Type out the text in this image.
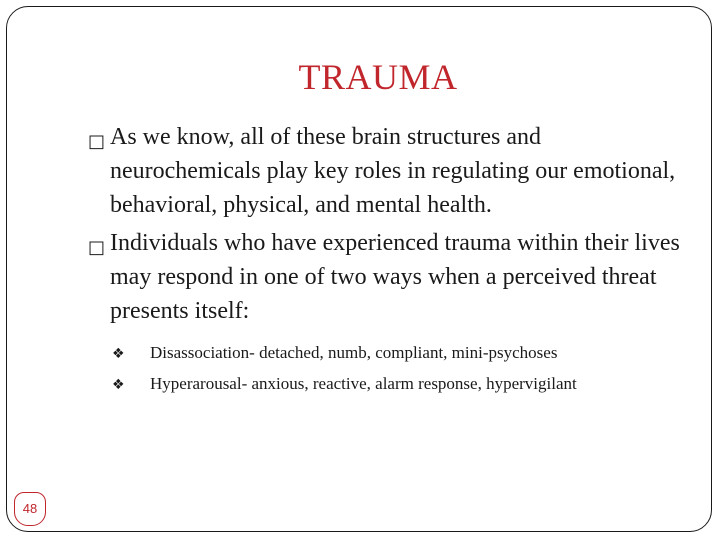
TRAUMA
□ As we know, all of these brain structures and neurochemicals play key roles in regulating our emotional, behavioral, physical, and mental health.
□ Individuals who have experienced trauma within their lives may respond in one of two ways when a perceived threat presents itself:
❖ Disassociation- detached, numb, compliant, mini-psychoses
❖ Hyperarousal- anxious, reactive, alarm response, hypervigilant
48
